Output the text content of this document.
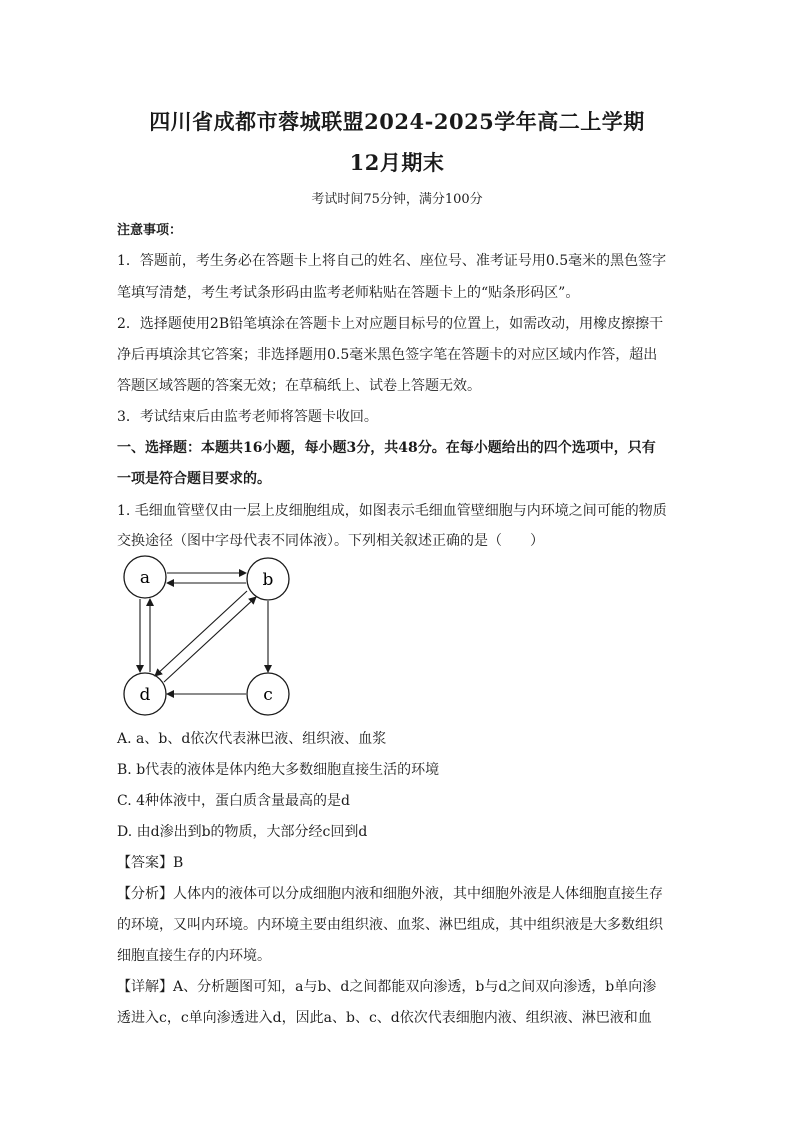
四川省成都市蓉城联盟2024-2025学年高二上学期
12月期末
考试时间75分钟，满分100分
注意事项：
1．答题前，考生务必在答题卡上将自己的姓名、座位号、准考证号用0.5毫米的黑色签字
笔填写清楚，考生考试条形码由监考老师粘贴在答题卡上的“贴条形码区”。
2．选择题使用2B铅笔填涂在答题卡上对应题目标号的位置上，如需改动，用橡皮擦擦干
净后再填涂其它答案；非选择题用0.5毫米黑色签字笔在答题卡的对应区域内作答，超出
答题区域答题的答案无效；在草稿纸上、试卷上答题无效。
3．考试结束后由监考老师将答题卡收回。
一、选择题：本题共16小题，每小题3分，共48分。在每小题给出的四个选项中，只有
一项是符合题目要求的。
1. 毛细血管壁仅由一层上皮细胞组成，如图表示毛细血管壁细胞与内环境之间可能的物质
交换途径（图中字母代表不同体液）。下列相关叙述正确的是（　　）
a	b
d	c
A. a、b、d依次代表淋巴液、组织液、血浆
B. b代表的液体是体内绝大多数细胞直接生活的环境
C. 4种体液中，蛋白质含量最高的是d
D. 由d渗出到b的物质，大部分经c回到d
【答案】B
【分析】人体内的液体可以分成细胞内液和细胞外液，其中细胞外液是人体细胞直接生存
的环境，又叫内环境。内环境主要由组织液、血浆、淋巴组成，其中组织液是大多数组织
细胞直接生存的内环境。
【详解】A、分析题图可知，a与b、d之间都能双向渗透，b与d之间双向渗透，b单向渗
透进入c，c单向渗透进入d，因此a、b、c、d依次代表细胞内液、组织液、淋巴液和血
